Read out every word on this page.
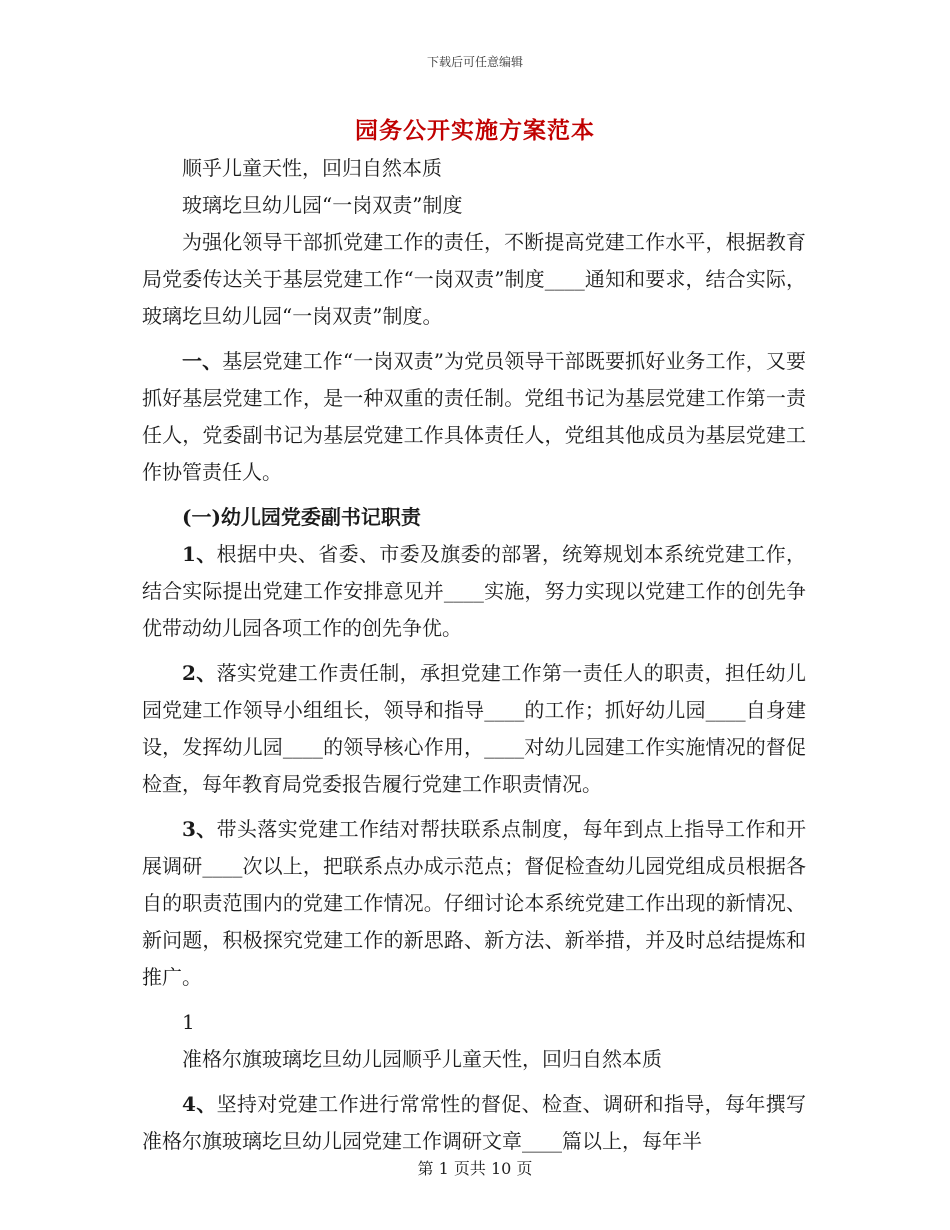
下载后可任意编辑
园务公开实施方案范本

顺乎儿童天性，回归自然本质

玻璃圪旦幼儿园“一岗双责”制度

为强化领导干部抓党建工作的责任，不断提高党建工作水平，根据教育局党委传达关于基层党建工作“一岗双责”制度____通知和要求，结合实际，玻璃圪旦幼儿园“一岗双责”制度。

一、基层党建工作“一岗双责”为党员领导干部既要抓好业务工作，又要抓好基层党建工作，是一种双重的责任制。党组书记为基层党建工作第一责任人，党委副书记为基层党建工作具体责任人，党组其他成员为基层党建工作协管责任人。

(一)幼儿园党委副书记职责

1、根据中央、省委、市委及旗委的部署，统筹规划本系统党建工作，结合实际提出党建工作安排意见并____实施，努力实现以党建工作的创先争优带动幼儿园各项工作的创先争优。

2、落实党建工作责任制，承担党建工作第一责任人的职责，担任幼儿园党建工作领导小组组长，领导和指导____的工作；抓好幼儿园____自身建设，发挥幼儿园____的领导核心作用，____对幼儿园建工作实施情况的督促检查，每年教育局党委报告履行党建工作职责情况。

3、带头落实党建工作结对帮扶联系点制度，每年到点上指导工作和开展调研____次以上，把联系点办成示范点；督促检查幼儿园党组成员根据各自的职责范围内的党建工作情况。仔细讨论本系统党建工作出现的新情况、新问题，积极探究党建工作的新思路、新方法、新举措，并及时总结提炼和推广。

1

准格尔旗玻璃圪旦幼儿园顺乎儿童天性，回归自然本质

4、坚持对党建工作进行常常性的督促、检查、调研和指导，每年撰写准格尔旗玻璃圪旦幼儿园党建工作调研文章____篇以上，每年半

第 1 页共 10 页
